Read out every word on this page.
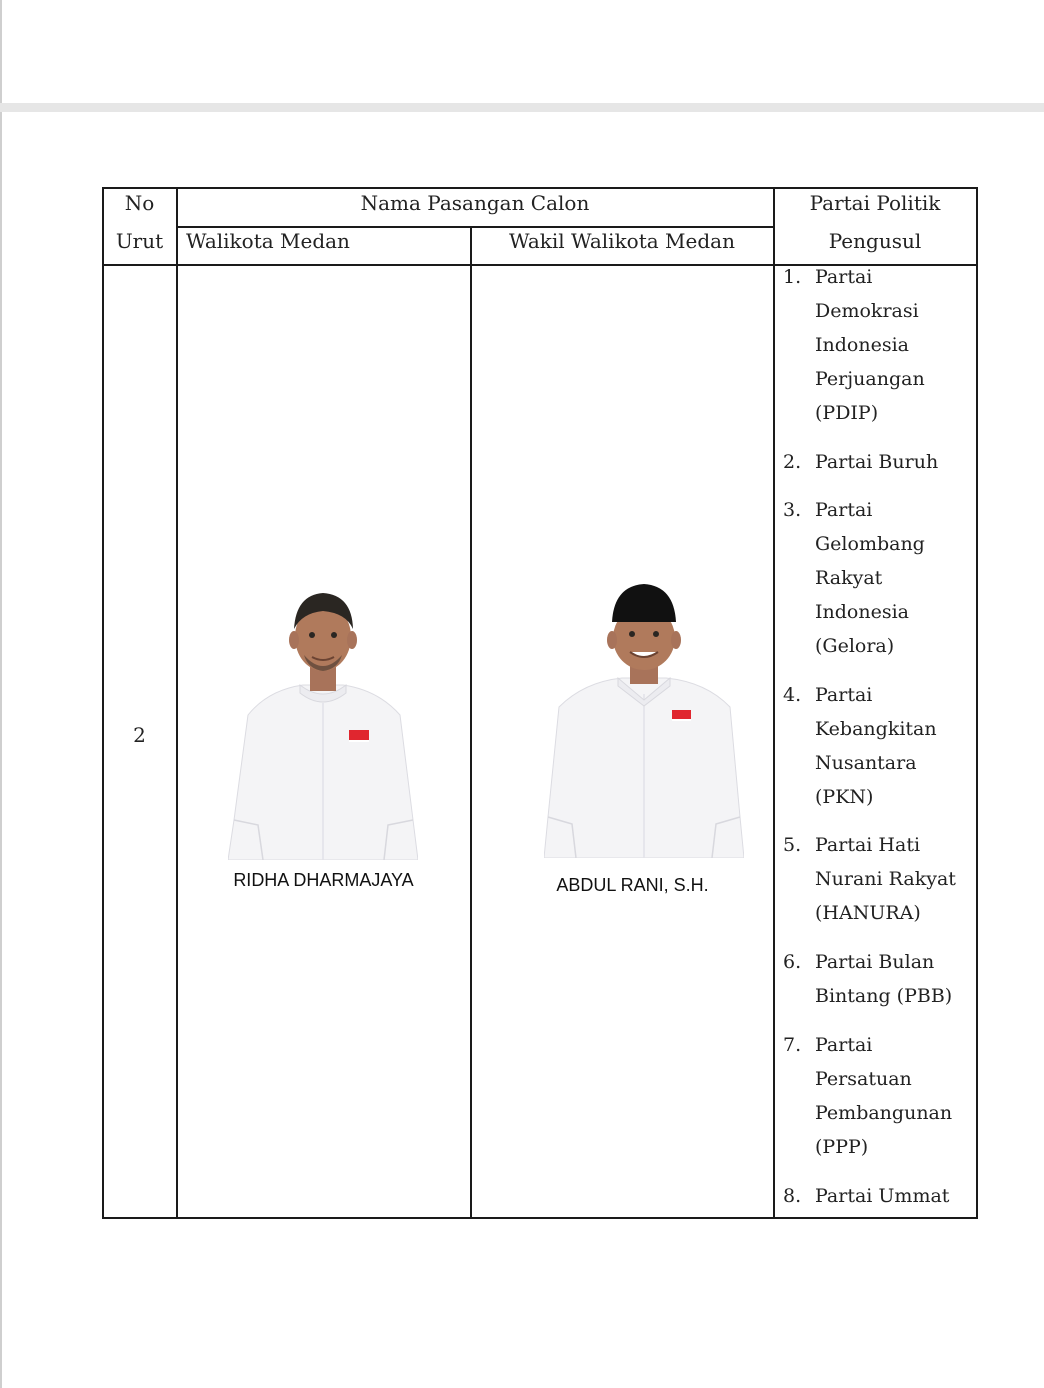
No
Urut
Nama Pasangan Calon
Walikota Medan	Wakil Walikota Medan
Partai Politik
Pengusul
2
RIDHA DHARMAJAYA	ABDUL RANI, S.H.
1. Partai
Demokrasi
Indonesia
Perjuangan
(PDIP)
2. Partai Buruh
3. Partai
Gelombang
Rakyat
Indonesia
(Gelora)
4. Partai
Kebangkitan
Nusantara
(PKN)
5. Partai Hati
Nurani Rakyat
(HANURA)
6. Partai Bulan
Bintang (PBB)
7. Partai
Persatuan
Pembangunan
(PPP)
8. Partai Ummat
